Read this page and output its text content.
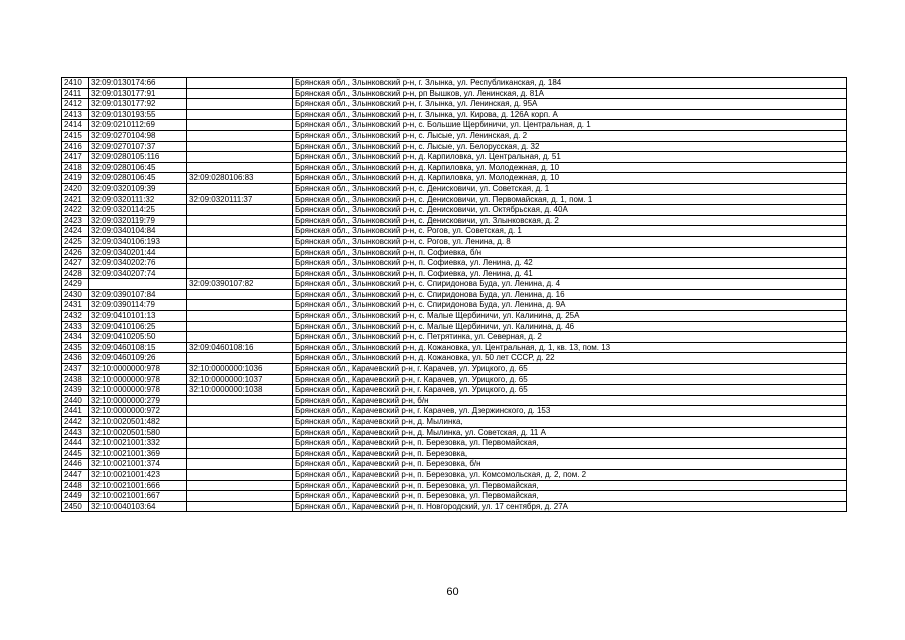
2410	32:09:0130174:66		Брянская обл., Злынковский р-н, г. Злынка, ул. Республиканская, д. 184
2411	32:09:0130177:91		Брянская обл., Злынковский р-н, рп Вышков, ул. Ленинская, д. 81А
2412	32:09:0130177:92		Брянская обл., Злынковский р-н, г. Злынка, ул. Ленинская, д. 95А
2413	32:09:0130193:55		Брянская обл., Злынковский р-н, г. Злынка, ул. Кирова, д. 126А корп. А
2414	32:09:0210112:69		Брянская обл., Злынковский р-н, с. Большие Щербиничи, ул. Центральная, д. 1
2415	32:09:0270104:98		Брянская обл., Злынковский р-н, с. Лысые, ул. Ленинская, д. 2
2416	32:09:0270107:37		Брянская обл., Злынковский р-н, с. Лысые, ул. Белорусская, д. 32
2417	32:09:0280105:116		Брянская обл., Злынковский р-н, д. Карпиловка, ул. Центральная, д. 51
2418	32:09:0280106:45		Брянская обл., Злынковский р-н, д. Карпиловка, ул. Молодежная, д. 10
2419	32:09:0280106:45	32:09:0280106:83	Брянская обл., Злынковский р-н, д. Карпиловка, ул. Молодежная, д. 10
2420	32:09:0320109:39		Брянская обл., Злынковский р-н, с. Денисковичи, ул. Советская, д. 1
2421	32:09:0320111:32	32:09:0320111:37	Брянская обл., Злынковский р-н, с. Денисковичи, ул. Первомайская, д. 1, пом. 1
2422	32:09:0320114:25		Брянская обл., Злынковский р-н, с. Денисковичи, ул. Октябрьская, д. 40А
2423	32:09:0320119:79		Брянская обл., Злынковский р-н, с. Денисковичи, ул. Злынковская, д. 2
2424	32:09:0340104:84		Брянская обл., Злынковский р-н, с. Рогов, ул. Советская, д. 1
2425	32:09:0340106:193		Брянская обл., Злынковский р-н, с. Рогов, ул. Ленина, д. 8
2426	32:09:0340201:44		Брянская обл., Злынковский р-н, п. Софиевка, б/н
2427	32:09:0340202:76		Брянская обл., Злынковский р-н, п. Софиевка, ул. Ленина, д. 42
2428	32:09:0340207:74		Брянская обл., Злынковский р-н, п. Софиевка, ул. Ленина, д. 41
2429		32:09:0390107:82	Брянская обл., Злынковский р-н, с. Спиридонова Буда, ул. Ленина, д. 4
2430	32:09:0390107:84		Брянская обл., Злынковский р-н, с. Спиридонова Буда, ул. Ленина, д. 16
2431	32:09:0390114:79		Брянская обл., Злынковский р-н, с. Спиридонова Буда, ул. Ленина, д. 9А
2432	32:09:0410101:13		Брянская обл., Злынковский р-н, с. Малые Щербиничи, ул. Калинина, д. 25А
2433	32:09:0410106:25		Брянская обл., Злынковский р-н, с. Малые Щербиничи, ул. Калинина, д. 46
2434	32:09:0410205:50		Брянская обл., Злынковский р-н, с. Петрятинка, ул. Северная, д. 2
2435	32:09:0460108:15	32:09:0460108:16	Брянская обл., Злынковский р-н, д. Кожановка, ул. Центральная, д. 1, кв. 13, пом. 13
2436	32:09:0460109:26		Брянская обл., Злынковский р-н, д. Кожановка, ул. 50 лет СССР, д. 22
2437	32:10:0000000:978	32:10:0000000:1036	Брянская обл., Карачевский р-н, г. Карачев, ул. Урицкого, д. 65
2438	32:10:0000000:978	32:10:0000000:1037	Брянская обл., Карачевский р-н, г. Карачев, ул. Урицкого, д. 65
2439	32:10:0000000:978	32:10:0000000:1038	Брянская обл., Карачевский р-н, г. Карачев, ул. Урицкого, д. 65
2440	32:10:0000000:279		Брянская обл., Карачевский р-н, б/н
2441	32:10:0000000:972		Брянская обл., Карачевский р-н, г. Карачев, ул. Дзержинского, д. 153
2442	32:10:0020501:482		Брянская обл., Карачевский р-н, д. Мылинка,
2443	32:10:0020501:580		Брянская обл., Карачевский р-н, д. Мылинка, ул. Советская, д. 11 А
2444	32:10:0021001:332		Брянская обл., Карачевский р-н, п. Березовка, ул. Первомайская,
2445	32:10:0021001:369		Брянская обл., Карачевский р-н, п. Березовка,
2446	32:10:0021001:374		Брянская обл., Карачевский р-н, п. Березовка, б/н
2447	32:10:0021001:423		Брянская обл., Карачевский р-н, п. Березовка, ул. Комсомольская, д. 2, пом. 2
2448	32:10:0021001:666		Брянская обл., Карачевский р-н, п. Березовка, ул. Первомайская,
2449	32:10:0021001:667		Брянская обл., Карачевский р-н, п. Березовка, ул. Первомайская,
2450	32:10:0040103:64		Брянская обл., Карачевский р-н, п. Новгородский, ул. 17 сентября, д. 27А
60
